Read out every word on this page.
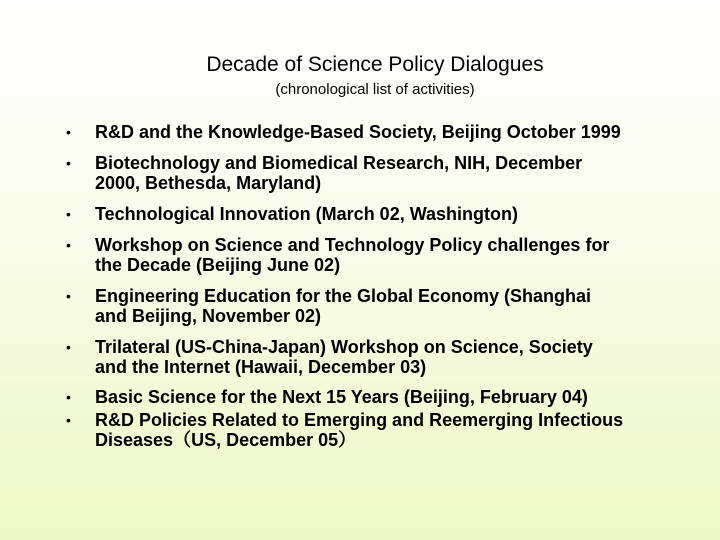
Decade of Science Policy Dialogues
(chronological list of activities)
• R&D and the Knowledge-Based Society, Beijing October 1999
• Biotechnology and Biomedical Research, NIH, December
2000, Bethesda, Maryland)
• Technological Innovation (March 02, Washington)
• Workshop on Science and Technology Policy challenges for
the Decade (Beijing June 02)
• Engineering Education for the Global Economy (Shanghai
and Beijing, November 02)
• Trilateral (US-China-Japan) Workshop on Science, Society
and the Internet (Hawaii, December 03)
• Basic Science for the Next 15 Years (Beijing, February 04)
• R&D Policies Related to Emerging and Reemerging Infectious
Diseases（US, December 05）
